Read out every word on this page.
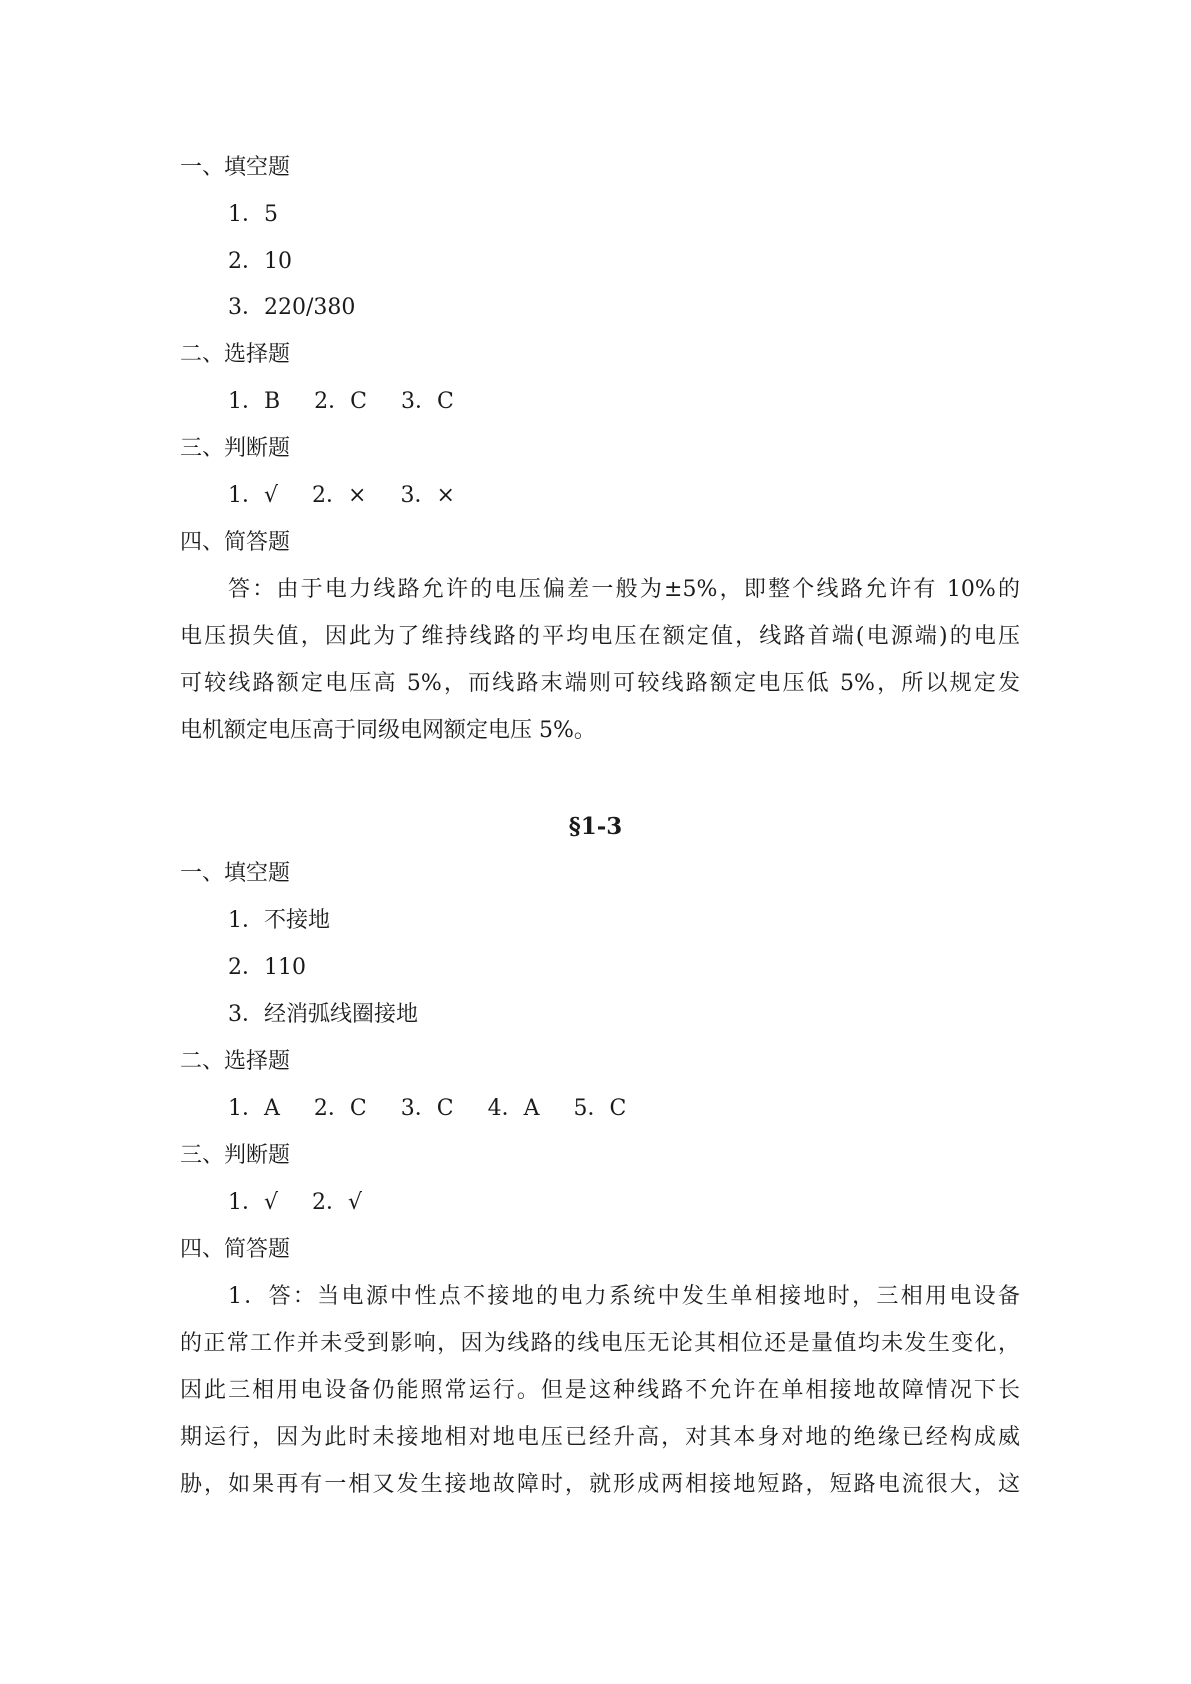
一、填空题
1．5
2．10
3．220/380
二、选择题
1．B 2．C 3．C
三、判断题
1．√ 2．× 3．×
四、简答题
答：由于电力线路允许的电压偏差一般为±5%，即整个线路允许有 10%的
电压损失值，因此为了维持线路的平均电压在额定值，线路首端(电源端)的电压
可较线路额定电压高 5%，而线路末端则可较线路额定电压低 5%，所以规定发
电机额定电压高于同级电网额定电压 5%。
§1-3
一、填空题
1．不接地
2．110
3．经消弧线圈接地
二、选择题
1．A 2．C 3．C 4．A 5．C
三、判断题
1．√ 2．√
四、简答题
1．答：当电源中性点不接地的电力系统中发生单相接地时，三相用电设备
的正常工作并未受到影响，因为线路的线电压无论其相位还是量值均未发生变化，
因此三相用电设备仍能照常运行。但是这种线路不允许在单相接地故障情况下长
期运行，因为此时未接地相对地电压已经升高，对其本身对地的绝缘已经构成威
胁，如果再有一相又发生接地故障时，就形成两相接地短路，短路电流很大，这
